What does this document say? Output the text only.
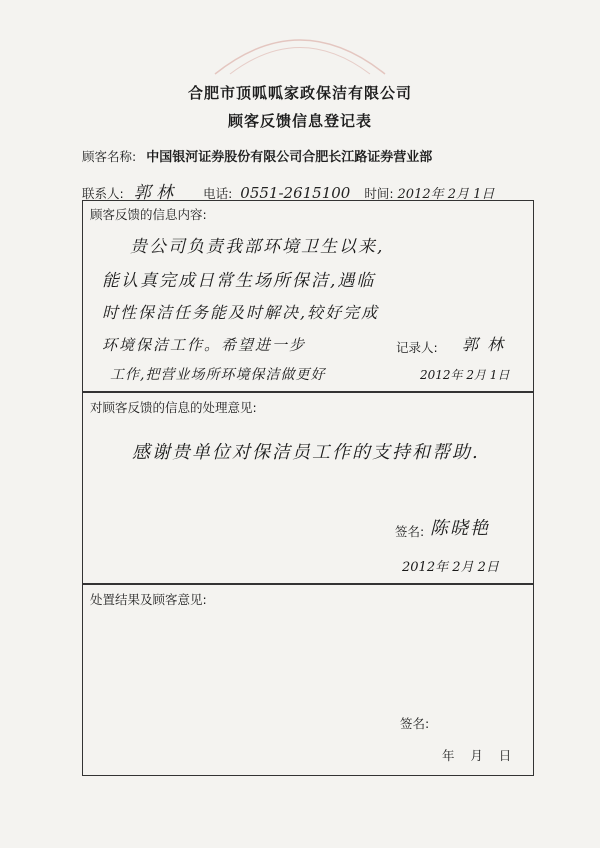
合肥市顶呱呱家政保洁有限公司
顾客反馈信息登记表
顾客名称: 中国银河证券股份有限公司合肥长江路证券营业部
联系人: 郭 林 电话: 0551-2615100 时间: 2012年 2月 1日
顾客反馈的信息内容:
贵公司负责我部环境卫生以来,
能认真完成日常生场所保洁,遇临
时性保洁任务能及时解决,较好完成
环境保洁工作。希望进一步	记录人: 郭 林
工作,把营业场所环境保洁做更好	2012年 2月 1日
对顾客反馈的信息的处理意见:
感谢贵单位对保洁员工作的支持和帮助.
签名: 陈晓艳
2012年 2月 2日
处置结果及顾客意见:
签名:
年    月    日
